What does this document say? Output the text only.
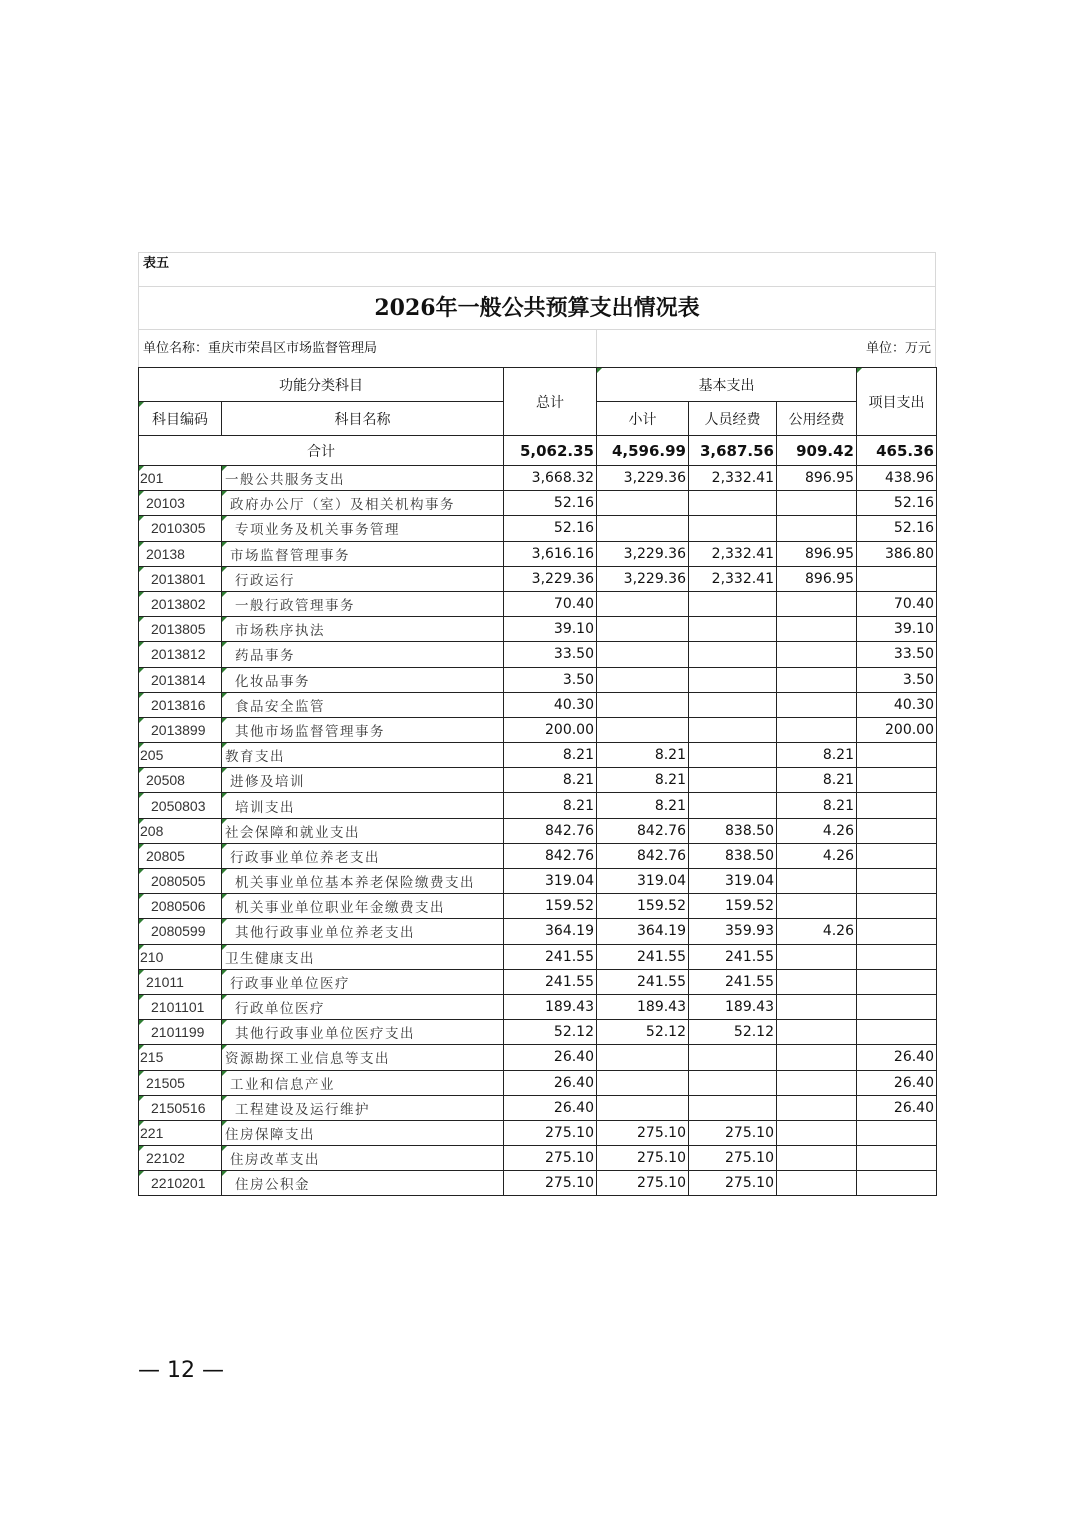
表五
2026年一般公共预算支出情况表
单位名称：重庆市荣昌区市场监督管理局	单位：万元
功能分类科目		总计	基本支出			项目支出

科目编码	科目名称		小计	人员经费	公用经费	
合计		5,062.35	4,596.99	3,687.56	909.42	465.36

201	一般公共服务支出	3,668.32	3,229.36	2,332.41	896.95	438.96

20103	政府办公厅（室）及相关机构事务	52.16				52.16

2010305	专项业务及机关事务管理	52.16				52.16

20138	市场监督管理事务	3,616.16	3,229.36	2,332.41	896.95	386.80

2013801	行政运行	3,229.36	3,229.36	2,332.41	896.95	

2013802	一般行政管理事务	70.40				70.40

2013805	市场秩序执法	39.10				39.10

2013812	药品事务	33.50				33.50

2013814	化妆品事务	3.50				3.50

2013816	食品安全监管	40.30				40.30

2013899	其他市场监督管理事务	200.00				200.00

205	教育支出	8.21	8.21		8.21	

20508	进修及培训	8.21	8.21		8.21	

2050803	培训支出	8.21	8.21		8.21	

208	社会保障和就业支出	842.76	842.76	838.50	4.26	

20805	行政事业单位养老支出	842.76	842.76	838.50	4.26	

2080505	机关事业单位基本养老保险缴费支出	319.04	319.04	319.04		

2080506	机关事业单位职业年金缴费支出	159.52	159.52	159.52		

2080599	其他行政事业单位养老支出	364.19	364.19	359.93	4.26	

210	卫生健康支出	241.55	241.55	241.55		

21011	行政事业单位医疗	241.55	241.55	241.55		

2101101	行政单位医疗	189.43	189.43	189.43		

2101199	其他行政事业单位医疗支出	52.12	52.12	52.12		

215	资源勘探工业信息等支出	26.40				26.40

21505	工业和信息产业	26.40				26.40

2150516	工程建设及运行维护	26.40				26.40

221	住房保障支出	275.10	275.10	275.10		

22102	住房改革支出	275.10	275.10	275.10		

2210201	住房公积金	275.10	275.10	275.10		
— 12 —
